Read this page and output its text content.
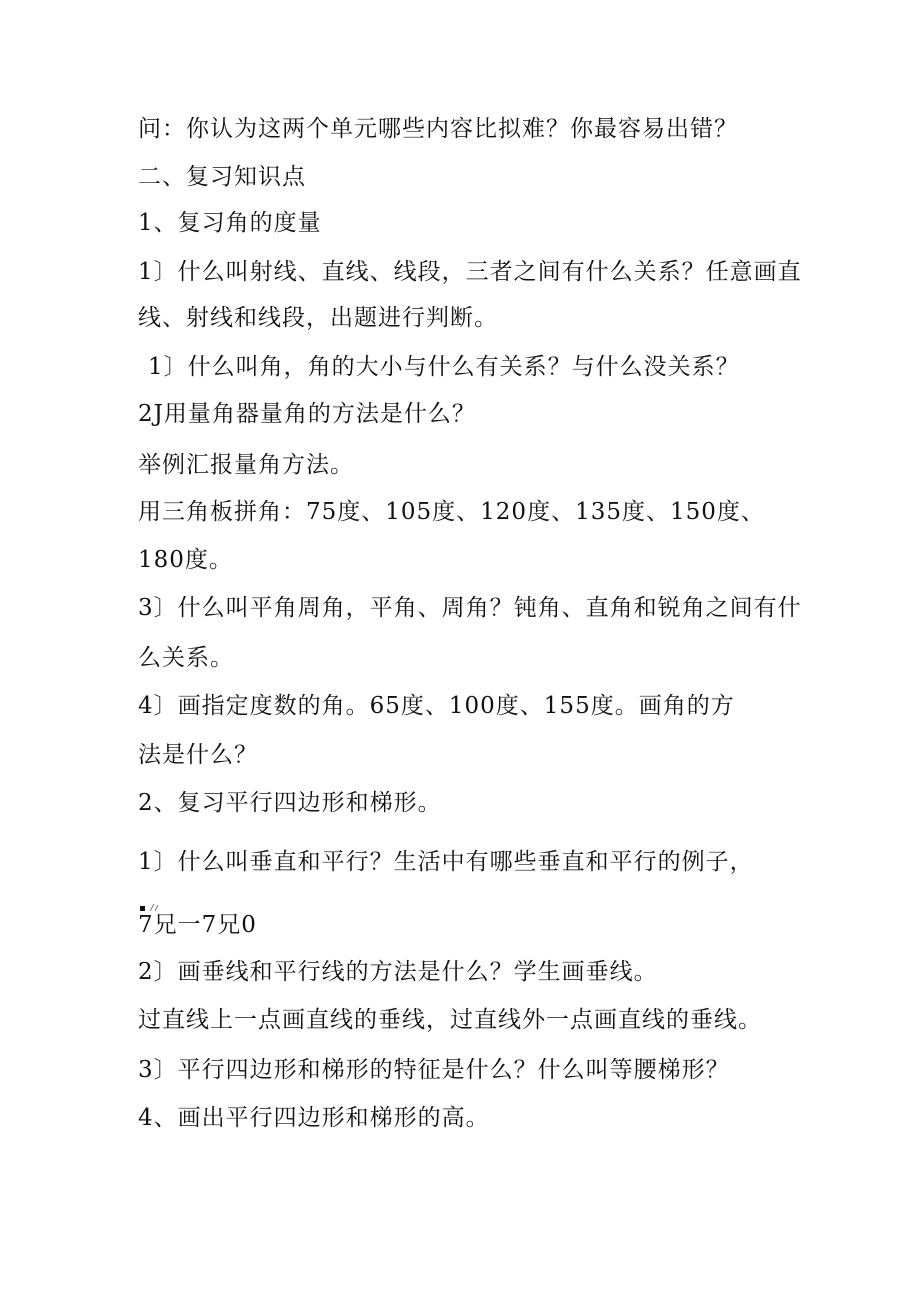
问：你认为这两个单元哪些内容比拟难？你最容易出错？
二、复习知识点
1、复习角的度量
1〕什么叫射线、直线、线段，三者之间有什么关系？任意画直
线、射线和线段，出题进行判断。
1〕什么叫角，角的大小与什么有关系？与什么没关系？
2J用量角器量角的方法是什么？
举例汇报量角方法。
用三角板拼角：75度、105度、120度、135度、150度、
180度。
3〕什么叫平角周角，平角、周角？钝角、直角和锐角之间有什
么关系。
4〕画指定度数的角。65度、100度、155度。画角的方
法是什么？
2、复习平行四边形和梯形。
1〕什么叫垂直和平行？生活中有哪些垂直和平行的例子，
7兄一7兄0
2〕画垂线和平行线的方法是什么？学生画垂线。
过直线上一点画直线的垂线，过直线外一点画直线的垂线。
3〕平行四边形和梯形的特征是什么？什么叫等腰梯形？
4、画出平行四边形和梯形的高。
